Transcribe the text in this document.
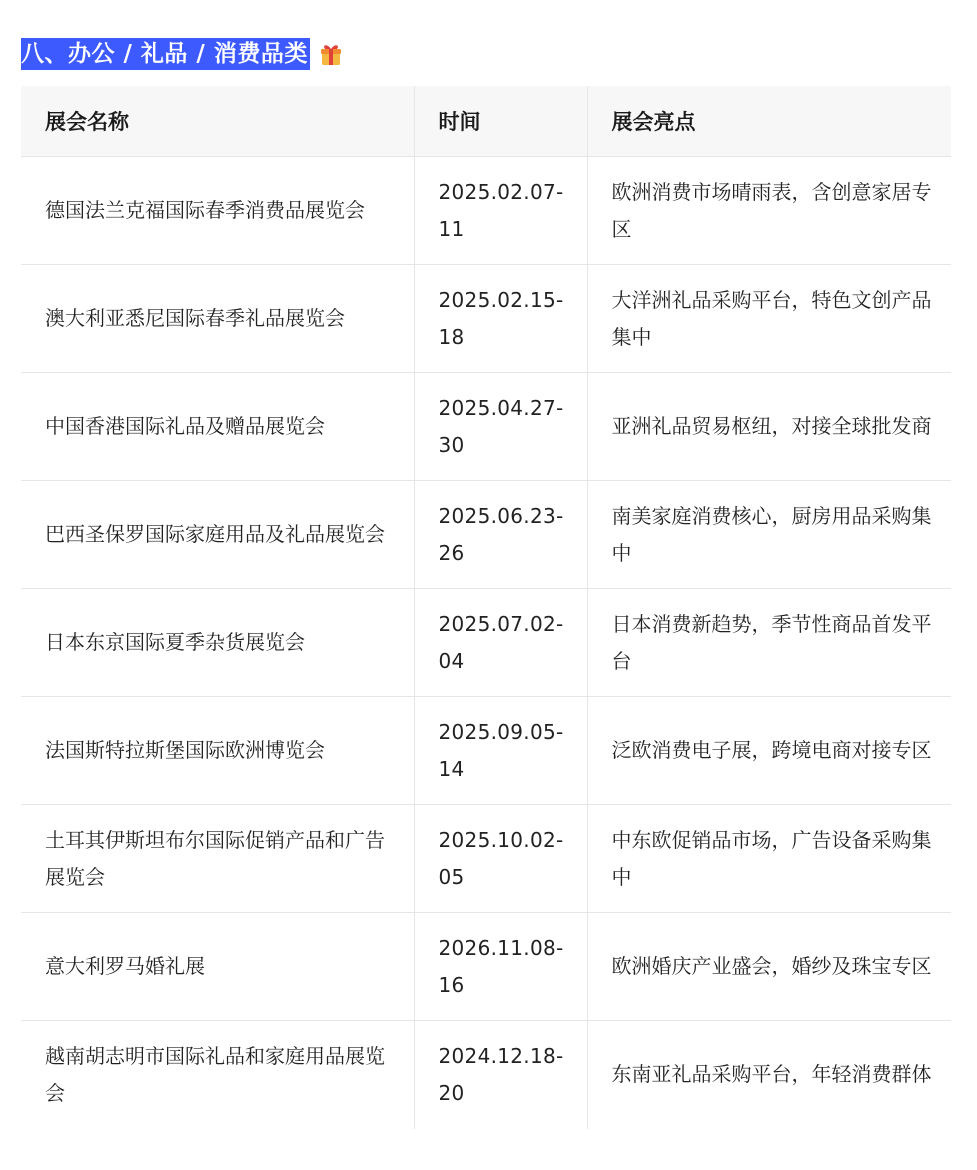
八、办公 / 礼品 / 消费品类
展会名称	时间	展会亮点
德国法兰克福国际春季消费品展览会	2025.02.07-11	欧洲消费市场晴雨表，含创意家居专区
澳大利亚悉尼国际春季礼品展览会	2025.02.15-18	大洋洲礼品采购平台，特色文创产品集中
中国香港国际礼品及赠品展览会	2025.04.27-30	亚洲礼品贸易枢纽，对接全球批发商
巴西圣保罗国际家庭用品及礼品展览会	2025.06.23-26	南美家庭消费核心，厨房用品采购集中
日本东京国际夏季杂货展览会	2025.07.02-04	日本消费新趋势，季节性商品首发平台
法国斯特拉斯堡国际欧洲博览会	2025.09.05-14	泛欧消费电子展，跨境电商对接专区
土耳其伊斯坦布尔国际促销产品和广告展览会	2025.10.02-05	中东欧促销品市场，广告设备采购集中
意大利罗马婚礼展	2026.11.08-16	欧洲婚庆产业盛会，婚纱及珠宝专区
越南胡志明市国际礼品和家庭用品展览会	2024.12.18-20	东南亚礼品采购平台，年轻消费群体
